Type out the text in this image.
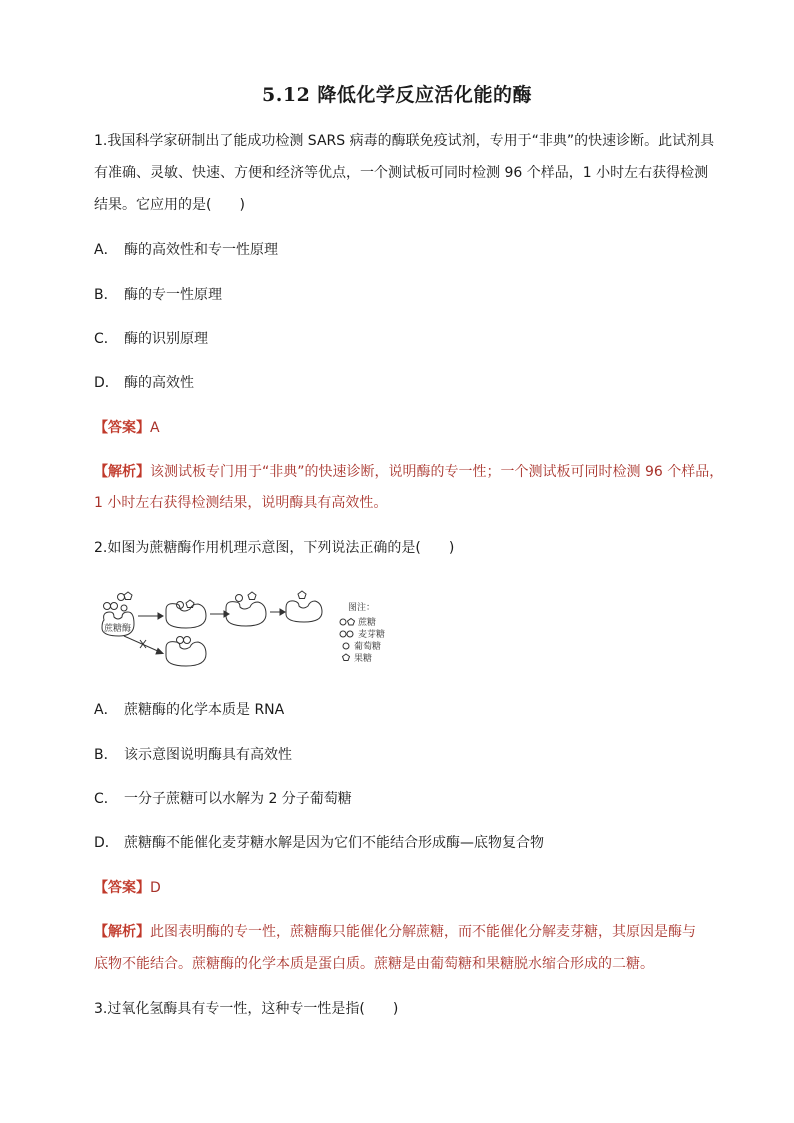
5.12 降低化学反应活化能的酶
1.我国科学家研制出了能成功检测 SARS 病毒的酶联免疫试剂，专用于“非典”的快速诊断。此试剂具
有准确、灵敏、快速、方便和经济等优点，一个测试板可同时检测 96 个样品，1 小时左右获得检测
结果。它应用的是(　　)
A． 酶的高效性和专一性原理
B． 酶的专一性原理
C． 酶的识别原理
D． 酶的高效性
【答案】A
【解析】该测试板专门用于“非典”的快速诊断，说明酶的专一性；一个测试板可同时检测 96 个样品，
1 小时左右获得检测结果，说明酶具有高效性。
2.如图为蔗糖酶作用机理示意图，下列说法正确的是(　　)
蔗糖酶
图注：
蔗糖
麦芽糖
葡萄糖
果糖
A． 蔗糖酶的化学本质是 RNA
B． 该示意图说明酶具有高效性
C． 一分子蔗糖可以水解为 2 分子葡萄糖
D． 蔗糖酶不能催化麦芽糖水解是因为它们不能结合形成酶—底物复合物
【答案】D
【解析】此图表明酶的专一性，蔗糖酶只能催化分解蔗糖，而不能催化分解麦芽糖，其原因是酶与
底物不能结合。蔗糖酶的化学本质是蛋白质。蔗糖是由葡萄糖和果糖脱水缩合形成的二糖。
3.过氧化氢酶具有专一性，这种专一性是指(　　)
